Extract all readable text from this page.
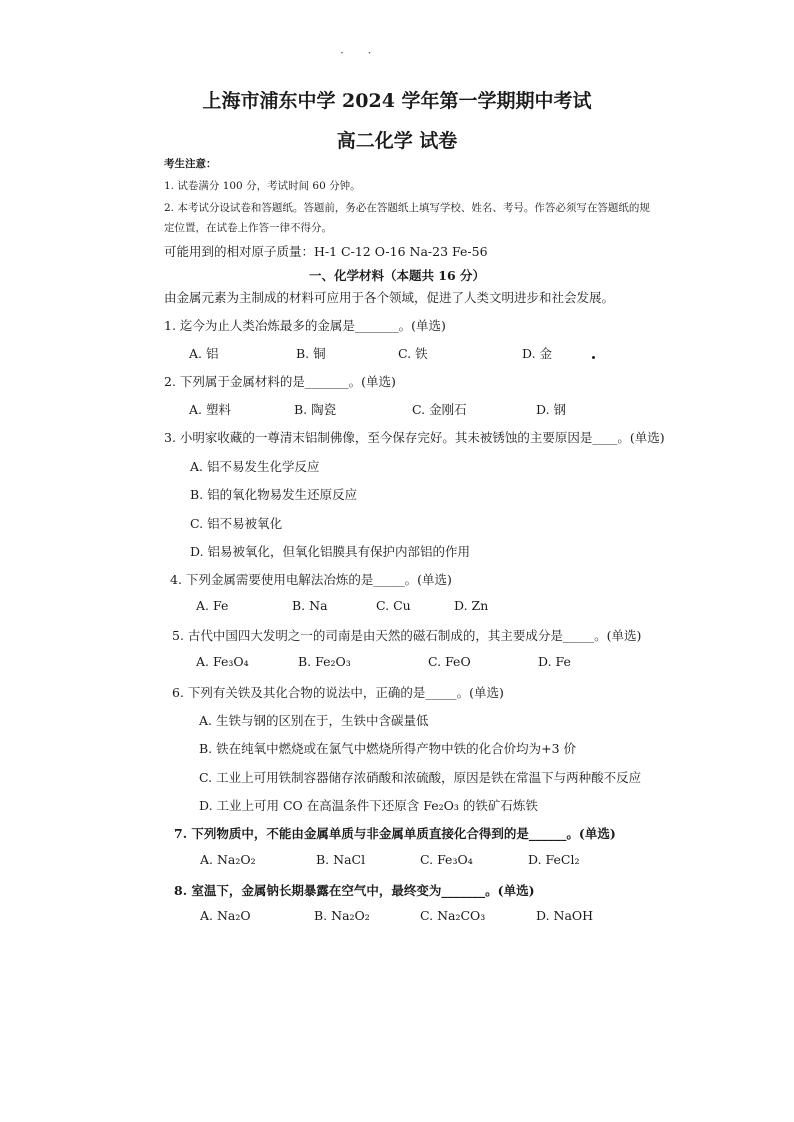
· ·
上海市浦东中学 2024 学年第一学期期中考试
高二化学 试卷
考生注意：
1. 试卷满分 100 分，考试时间 60 分钟。
2. 本考试分设试卷和答题纸。答题前，务必在答题纸上填写学校、姓名、考号。作答必须写在答题纸的规
定位置，在试卷上作答一律不得分。
可能用到的相对原子质量：H-1 C-12 O-16 Na-23 Fe-56
一、化学材料（本题共 16 分）
由金属元素为主制成的材料可应用于各个领域，促进了人类文明进步和社会发展。
1. 迄今为止人类冶炼最多的金属是_______。(单选)
A. 铝	B. 铜	C. 铁	D. 金
2. 下列属于金属材料的是_______。(单选)
A. 塑料	B. 陶瓷	C. 金刚石	D. 钢
3. 小明家收藏的一尊清末铝制佛像，至今保存完好。其未被锈蚀的主要原因是____。(单选)
A. 铝不易发生化学反应
B. 铝的氧化物易发生还原反应
C. 铝不易被氧化
D. 铝易被氧化，但氧化铝膜具有保护内部铝的作用
4. 下列金属需要使用电解法冶炼的是_____。(单选)
A. Fe	B. Na	C. Cu	D. Zn
5. 古代中国四大发明之一的司南是由天然的磁石制成的，其主要成分是_____。(单选)
A. Fe₃O₄	B. Fe₂O₃	C. FeO	D. Fe
6. 下列有关铁及其化合物的说法中，正确的是_____。(单选)
A. 生铁与钢的区别在于，生铁中含碳量低
B. 铁在纯氧中燃烧或在氯气中燃烧所得产物中铁的化合价均为+3 价
C. 工业上可用铁制容器储存浓硝酸和浓硫酸，原因是铁在常温下与两种酸不反应
D. 工业上可用 CO 在高温条件下还原含 Fe₂O₃ 的铁矿石炼铁
7. 下列物质中，不能由金属单质与非金属单质直接化合得到的是______。(单选)
A. Na₂O₂	B. NaCl	C. Fe₃O₄	D. FeCl₂
8. 室温下，金属钠长期暴露在空气中，最终变为_______。(单选)
A. Na₂O	B. Na₂O₂	C. Na₂CO₃	D. NaOH
